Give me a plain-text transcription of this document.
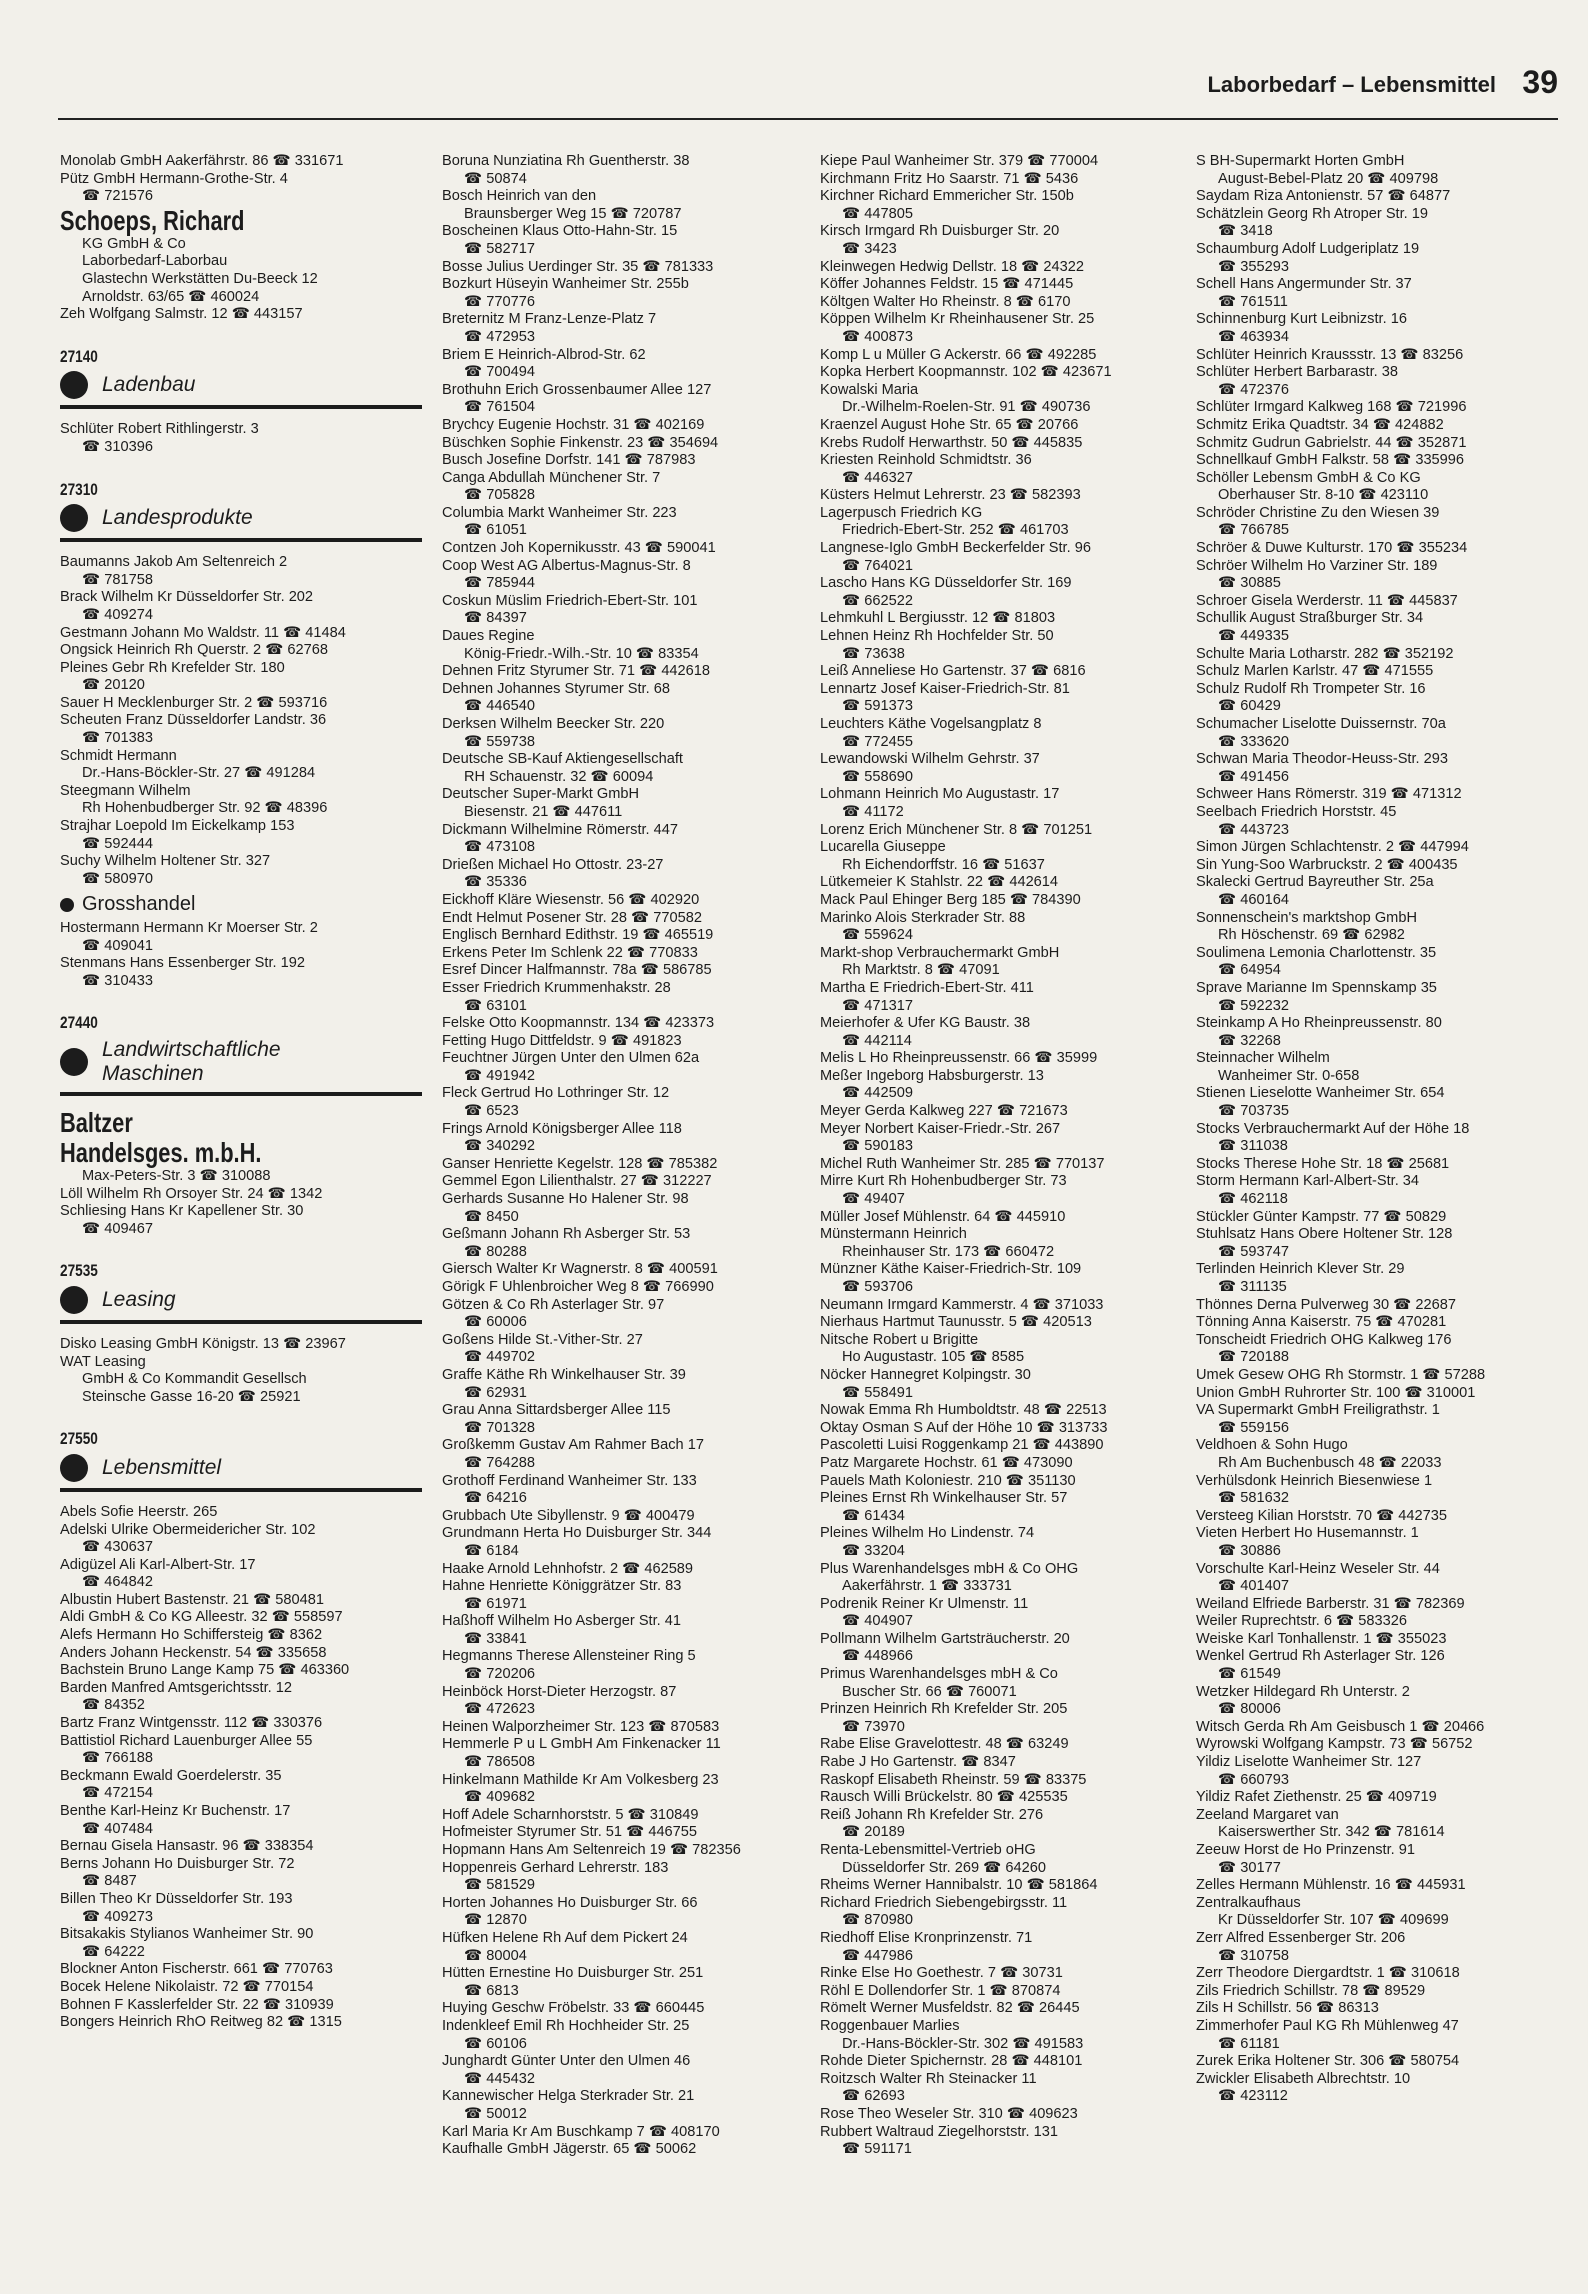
Laborbedarf – Lebensmittel 39
Monolab GmbH Aakerfährstr. 86 ☎ 331671
Pütz GmbH Hermann-Grothe-Str. 4
☎ 721576
Schoeps, Richard
KG GmbH & Co
Laborbedarf-Laborbau
Glastechn Werkstätten Du-Beeck 12
Arnoldstr. 63/65 ☎ 460024
Zeh Wolfgang Salmstr. 12 ☎ 443157
27140
Ladenbau
Schlüter Robert Rithlingerstr. 3
☎ 310396
27310
Landesprodukte
Baumanns Jakob Am Seltenreich 2
☎ 781758
Brack Wilhelm Kr Düsseldorfer Str. 202
☎ 409274
Gestmann Johann Mo Waldstr. 11 ☎ 41484
Ongsick Heinrich Rh Querstr. 2 ☎ 62768
Pleines Gebr Rh Krefelder Str. 180
☎ 20120
Sauer H Mecklenburger Str. 2 ☎ 593716
Scheuten Franz Düsseldorfer Landstr. 36
☎ 701383
Schmidt Hermann
Dr.-Hans-Böckler-Str. 27 ☎ 491284
Steegmann Wilhelm
Rh Hohenbudberger Str. 92 ☎ 48396
Strajhar Loepold Im Eickelkamp 153
☎ 592444
Suchy Wilhelm Holtener Str. 327
☎ 580970
Grosshandel
Hostermann Hermann Kr Moerser Str. 2
☎ 409041
Stenmans Hans Essenberger Str. 192
☎ 310433
27440
Landwirtschaftliche
Maschinen
Baltzer
Handelsges. m.b.H.
Max-Peters-Str. 3 ☎ 310088
Löll Wilhelm Rh Orsoyer Str. 24 ☎ 1342
Schliesing Hans Kr Kapellener Str. 30
☎ 409467
27535
Leasing
Disko Leasing GmbH Königstr. 13 ☎ 23967
WAT Leasing
GmbH & Co Kommandit Gesellsch
Steinsche Gasse 16-20 ☎ 25921
27550
Lebensmittel
Abels Sofie Heerstr. 265
Adelski Ulrike Obermeidericher Str. 102
☎ 430637
Adigüzel Ali Karl-Albert-Str. 17
☎ 464842
Albustin Hubert Bastenstr. 21 ☎ 580481
Aldi GmbH & Co KG Alleestr. 32 ☎ 558597
Alefs Hermann Ho Schiffersteig ☎ 8362
Anders Johann Heckenstr. 54 ☎ 335658
Bachstein Bruno Lange Kamp 75 ☎ 463360
Barden Manfred Amtsgerichtsstr. 12
☎ 84352
Bartz Franz Wintgensstr. 112 ☎ 330376
Battistiol Richard Lauenburger Allee 55
☎ 766188
Beckmann Ewald Goerdelerstr. 35
☎ 472154
Benthe Karl-Heinz Kr Buchenstr. 17
☎ 407484
Bernau Gisela Hansastr. 96 ☎ 338354
Berns Johann Ho Duisburger Str. 72
☎ 8487
Billen Theo Kr Düsseldorfer Str. 193
☎ 409273
Bitsakakis Stylianos Wanheimer Str. 90
☎ 64222
Blockner Anton Fischerstr. 661 ☎ 770763
Bocek Helene Nikolaistr. 72 ☎ 770154
Bohnen F Kasslerfelder Str. 22 ☎ 310939
Bongers Heinrich RhO Reitweg 82 ☎ 1315
Boruna Nunziatina Rh Guentherstr. 38
☎ 50874
Bosch Heinrich van den
Braunsberger Weg 15 ☎ 720787
Boscheinen Klaus Otto-Hahn-Str. 15
☎ 582717
Bosse Julius Uerdinger Str. 35 ☎ 781333
Bozkurt Hüseyin Wanheimer Str. 255b
☎ 770776
Breternitz M Franz-Lenze-Platz 7
☎ 472953
Briem E Heinrich-Albrod-Str. 62
☎ 700494
Brothuhn Erich Grossenbaumer Allee 127
☎ 761504
Brychcy Eugenie Hochstr. 31 ☎ 402169
Büschken Sophie Finkenstr. 23 ☎ 354694
Busch Josefine Dorfstr. 141 ☎ 787983
Canga Abdullah Münchener Str. 7
☎ 705828
Columbia Markt Wanheimer Str. 223
☎ 61051
Contzen Joh Kopernikusstr. 43 ☎ 590041
Coop West AG Albertus-Magnus-Str. 8
☎ 785944
Coskun Müslim Friedrich-Ebert-Str. 101
☎ 84397
Daues Regine
König-Friedr.-Wilh.-Str. 10 ☎ 83354
Dehnen Fritz Styrumer Str. 71 ☎ 442618
Dehnen Johannes Styrumer Str. 68
☎ 446540
Derksen Wilhelm Beecker Str. 220
☎ 559738
Deutsche SB-Kauf Aktiengesellschaft
RH Schauenstr. 32 ☎ 60094
Deutscher Super-Markt GmbH
Biesenstr. 21 ☎ 447611
Dickmann Wilhelmine Römerstr. 447
☎ 473108
Drießen Michael Ho Ottostr. 23-27
☎ 35336
Eickhoff Kläre Wiesenstr. 56 ☎ 402920
Endt Helmut Posener Str. 28 ☎ 770582
Englisch Bernhard Edithstr. 19 ☎ 465519
Erkens Peter Im Schlenk 22 ☎ 770833
Esref Dincer Halfmannstr. 78a ☎ 586785
Esser Friedrich Krummenhakstr. 28
☎ 63101
Felske Otto Koopmannstr. 134 ☎ 423373
Fetting Hugo Dittfeldstr. 9 ☎ 491823
Feuchtner Jürgen Unter den Ulmen 62a
☎ 491942
Fleck Gertrud Ho Lothringer Str. 12
☎ 6523
Frings Arnold Königsberger Allee 118
☎ 340292
Ganser Henriette Kegelstr. 128 ☎ 785382
Gemmel Egon Lilienthalstr. 27 ☎ 312227
Gerhards Susanne Ho Halener Str. 98
☎ 8450
Geßmann Johann Rh Asberger Str. 53
☎ 80288
Giersch Walter Kr Wagnerstr. 8 ☎ 400591
Görigk F Uhlenbroicher Weg 8 ☎ 766990
Götzen & Co Rh Asterlager Str. 97
☎ 60006
Goßens Hilde St.-Vither-Str. 27
☎ 449702
Graffe Käthe Rh Winkelhauser Str. 39
☎ 62931
Grau Anna Sittardsberger Allee 115
☎ 701328
Großkemm Gustav Am Rahmer Bach 17
☎ 764288
Grothoff Ferdinand Wanheimer Str. 133
☎ 64216
Grubbach Ute Sibyllenstr. 9 ☎ 400479
Grundmann Herta Ho Duisburger Str. 344
☎ 6184
Haake Arnold Lehnhofstr. 2 ☎ 462589
Hahne Henriette Königgrätzer Str. 83
☎ 61971
Haßhoff Wilhelm Ho Asberger Str. 41
☎ 33841
Hegmanns Therese Allensteiner Ring 5
☎ 720206
Heinböck Horst-Dieter Herzogstr. 87
☎ 472623
Heinen Walporzheimer Str. 123 ☎ 870583
Hemmerle P u L GmbH Am Finkenacker 11
☎ 786508
Hinkelmann Mathilde Kr Am Volkesberg 23
☎ 409682
Hoff Adele Scharnhorststr. 5 ☎ 310849
Hofmeister Styrumer Str. 51 ☎ 446755
Hopmann Hans Am Seltenreich 19 ☎ 782356
Hoppenreis Gerhard Lehrerstr. 183
☎ 581529
Horten Johannes Ho Duisburger Str. 66
☎ 12870
Hüfken Helene Rh Auf dem Pickert 24
☎ 80004
Hütten Ernestine Ho Duisburger Str. 251
☎ 6813
Huying Geschw Fröbelstr. 33 ☎ 660445
Indenkleef Emil Rh Hochheider Str. 25
☎ 60106
Junghardt Günter Unter den Ulmen 46
☎ 445432
Kannewischer Helga Sterkrader Str. 21
☎ 50012
Karl Maria Kr Am Buschkamp 7 ☎ 408170
Kaufhalle GmbH Jägerstr. 65 ☎ 50062
Kiepe Paul Wanheimer Str. 379 ☎ 770004
Kirchmann Fritz Ho Saarstr. 71 ☎ 5436
Kirchner Richard Emmericher Str. 150b
☎ 447805
Kirsch Irmgard Rh Duisburger Str. 20
☎ 3423
Kleinwegen Hedwig Dellstr. 18 ☎ 24322
Köffer Johannes Feldstr. 15 ☎ 471445
Költgen Walter Ho Rheinstr. 8 ☎ 6170
Köppen Wilhelm Kr Rheinhausener Str. 25
☎ 400873
Komp L u Müller G Ackerstr. 66 ☎ 492285
Kopka Herbert Koopmannstr. 102 ☎ 423671
Kowalski Maria
Dr.-Wilhelm-Roelen-Str. 91 ☎ 490736
Kraenzel August Hohe Str. 65 ☎ 20766
Krebs Rudolf Herwarthstr. 50 ☎ 445835
Kriesten Reinhold Schmidtstr. 36
☎ 446327
Küsters Helmut Lehrerstr. 23 ☎ 582393
Lagerpusch Friedrich KG
Friedrich-Ebert-Str. 252 ☎ 461703
Langnese-Iglo GmbH Beckerfelder Str. 96
☎ 764021
Lascho Hans KG Düsseldorfer Str. 169
☎ 662522
Lehmkuhl L Bergiusstr. 12 ☎ 81803
Lehnen Heinz Rh Hochfelder Str. 50
☎ 73638
Leiß Anneliese Ho Gartenstr. 37 ☎ 6816
Lennartz Josef Kaiser-Friedrich-Str. 81
☎ 591373
Leuchters Käthe Vogelsangplatz 8
☎ 772455
Lewandowski Wilhelm Gehrstr. 37
☎ 558690
Lohmann Heinrich Mo Augustastr. 17
☎ 41172
Lorenz Erich Münchener Str. 8 ☎ 701251
Lucarella Giuseppe
Rh Eichendorffstr. 16 ☎ 51637
Lütkemeier K Stahlstr. 22 ☎ 442614
Mack Paul Ehinger Berg 185 ☎ 784390
Marinko Alois Sterkrader Str. 88
☎ 559624
Markt-shop Verbrauchermarkt GmbH
Rh Marktstr. 8 ☎ 47091
Martha E Friedrich-Ebert-Str. 411
☎ 471317
Meierhofer & Ufer KG Baustr. 38
☎ 442114
Melis L Ho Rheinpreussenstr. 66 ☎ 35999
Meßer Ingeborg Habsburgerstr. 13
☎ 442509
Meyer Gerda Kalkweg 227 ☎ 721673
Meyer Norbert Kaiser-Friedr.-Str. 267
☎ 590183
Michel Ruth Wanheimer Str. 285 ☎ 770137
Mirre Kurt Rh Hohenbudberger Str. 73
☎ 49407
Müller Josef Mühlenstr. 64 ☎ 445910
Münstermann Heinrich
Rheinhauser Str. 173 ☎ 660472
Münzner Käthe Kaiser-Friedrich-Str. 109
☎ 593706
Neumann Irmgard Kammerstr. 4 ☎ 371033
Nierhaus Hartmut Taunusstr. 5 ☎ 420513
Nitsche Robert u Brigitte
Ho Augustastr. 105 ☎ 8585
Nöcker Hannegret Kolpingstr. 30
☎ 558491
Nowak Emma Rh Humboldtstr. 48 ☎ 22513
Oktay Osman S Auf der Höhe 10 ☎ 313733
Pascoletti Luisi Roggenkamp 21 ☎ 443890
Patz Margarete Hochstr. 61 ☎ 473090
Pauels Math Koloniestr. 210 ☎ 351130
Pleines Ernst Rh Winkelhauser Str. 57
☎ 61434
Pleines Wilhelm Ho Lindenstr. 74
☎ 33204
Plus Warenhandelsges mbH & Co OHG
Aakerfährstr. 1 ☎ 333731
Podrenik Reiner Kr Ulmenstr. 11
☎ 404907
Pollmann Wilhelm Gartsträucherstr. 20
☎ 448966
Primus Warenhandelsges mbH & Co
Buscher Str. 66 ☎ 760071
Prinzen Heinrich Rh Krefelder Str. 205
☎ 73970
Rabe Elise Gravelottestr. 48 ☎ 63249
Rabe J Ho Gartenstr. ☎ 8347
Raskopf Elisabeth Rheinstr. 59 ☎ 83375
Rausch Willi Brückelstr. 80 ☎ 425535
Reiß Johann Rh Krefelder Str. 276
☎ 20189
Renta-Lebensmittel-Vertrieb oHG
Düsseldorfer Str. 269 ☎ 64260
Rheims Werner Hannibalstr. 10 ☎ 581864
Richard Friedrich Siebengebirgsstr. 11
☎ 870980
Riedhoff Elise Kronprinzenstr. 71
☎ 447986
Rinke Else Ho Goethestr. 7 ☎ 30731
Röhl E Dollendorfer Str. 1 ☎ 870874
Römelt Werner Musfeldstr. 82 ☎ 26445
Roggenbauer Marlies
Dr.-Hans-Böckler-Str. 302 ☎ 491583
Rohde Dieter Spichernstr. 28 ☎ 448101
Roitzsch Walter Rh Steinacker 11
☎ 62693
Rose Theo Weseler Str. 310 ☎ 409623
Rubbert Waltraud Ziegelhorststr. 131
☎ 591171
S BH-Supermarkt Horten GmbH
August-Bebel-Platz 20 ☎ 409798
Saydam Riza Antonienstr. 57 ☎ 64877
Schätzlein Georg Rh Atroper Str. 19
☎ 3418
Schaumburg Adolf Ludgeriplatz 19
☎ 355293
Schell Hans Angermunder Str. 37
☎ 761511
Schinnenburg Kurt Leibnizstr. 16
☎ 463934
Schlüter Heinrich Kraussstr. 13 ☎ 83256
Schlüter Herbert Barbarastr. 38
☎ 472376
Schlüter Irmgard Kalkweg 168 ☎ 721996
Schmitz Erika Quadtstr. 34 ☎ 424882
Schmitz Gudrun Gabrielstr. 44 ☎ 352871
Schnellkauf GmbH Falkstr. 58 ☎ 335996
Schöller Lebensm GmbH & Co KG
Oberhauser Str. 8-10 ☎ 423110
Schröder Christine Zu den Wiesen 39
☎ 766785
Schröer & Duwe Kulturstr. 170 ☎ 355234
Schröer Wilhelm Ho Varziner Str. 189
☎ 30885
Schroer Gisela Werderstr. 11 ☎ 445837
Schullik August Straßburger Str. 34
☎ 449335
Schulte Maria Lotharstr. 282 ☎ 352192
Schulz Marlen Karlstr. 47 ☎ 471555
Schulz Rudolf Rh Trompeter Str. 16
☎ 60429
Schumacher Liselotte Duissernstr. 70a
☎ 333620
Schwan Maria Theodor-Heuss-Str. 293
☎ 491456
Schweer Hans Römerstr. 319 ☎ 471312
Seelbach Friedrich Horststr. 45
☎ 443723
Simon Jürgen Schlachtenstr. 2 ☎ 447994
Sin Yung-Soo Warbruckstr. 2 ☎ 400435
Skalecki Gertrud Bayreuther Str. 25a
☎ 460164
Sonnenschein's marktshop GmbH
Rh Höschenstr. 69 ☎ 62982
Soulimena Lemonia Charlottenstr. 35
☎ 64954
Sprave Marianne Im Spennskamp 35
☎ 592232
Steinkamp A Ho Rheinpreussenstr. 80
☎ 32268
Steinnacher Wilhelm
Wanheimer Str. 0-658
Stienen Lieselotte Wanheimer Str. 654
☎ 703735
Stocks Verbrauchermarkt Auf der Höhe 18
☎ 311038
Stocks Therese Hohe Str. 18 ☎ 25681
Storm Hermann Karl-Albert-Str. 34
☎ 462118
Stückler Günter Kampstr. 77 ☎ 50829
Stuhlsatz Hans Obere Holtener Str. 128
☎ 593747
Terlinden Heinrich Klever Str. 29
☎ 311135
Thönnes Derna Pulverweg 30 ☎ 22687
Tönning Anna Kaiserstr. 75 ☎ 470281
Tonscheidt Friedrich OHG Kalkweg 176
☎ 720188
Umek Gesew OHG Rh Stormstr. 1 ☎ 57288
Union GmbH Ruhrorter Str. 100 ☎ 310001
VA Supermarkt GmbH Freiligrathstr. 1
☎ 559156
Veldhoen & Sohn Hugo
Rh Am Buchenbusch 48 ☎ 22033
Verhülsdonk Heinrich Biesenwiese 1
☎ 581632
Versteeg Kilian Horststr. 70 ☎ 442735
Vieten Herbert Ho Husemannstr. 1
☎ 30886
Vorschulte Karl-Heinz Weseler Str. 44
☎ 401407
Weiland Elfriede Barberstr. 31 ☎ 782369
Weiler Ruprechtstr. 6 ☎ 583326
Weiske Karl Tonhallenstr. 1 ☎ 355023
Wenkel Gertrud Rh Asterlager Str. 126
☎ 61549
Wetzker Hildegard Rh Unterstr. 2
☎ 80006
Witsch Gerda Rh Am Geisbusch 1 ☎ 20466
Wyrowski Wolfgang Kampstr. 73 ☎ 56752
Yildiz Liselotte Wanheimer Str. 127
☎ 660793
Yildiz Rafet Ziethenstr. 25 ☎ 409719
Zeeland Margaret van
Kaiserswerther Str. 342 ☎ 781614
Zeeuw Horst de Ho Prinzenstr. 91
☎ 30177
Zelles Hermann Mühlenstr. 16 ☎ 445931
Zentralkaufhaus
Kr Düsseldorfer Str. 107 ☎ 409699
Zerr Alfred Essenberger Str. 206
☎ 310758
Zerr Theodore Diergardtstr. 1 ☎ 310618
Zils Friedrich Schillstr. 78 ☎ 89529
Zils H Schillstr. 56 ☎ 86313
Zimmerhofer Paul KG Rh Mühlenweg 47
☎ 61181
Zurek Erika Holtener Str. 306 ☎ 580754
Zwickler Elisabeth Albrechtstr. 10
☎ 423112
